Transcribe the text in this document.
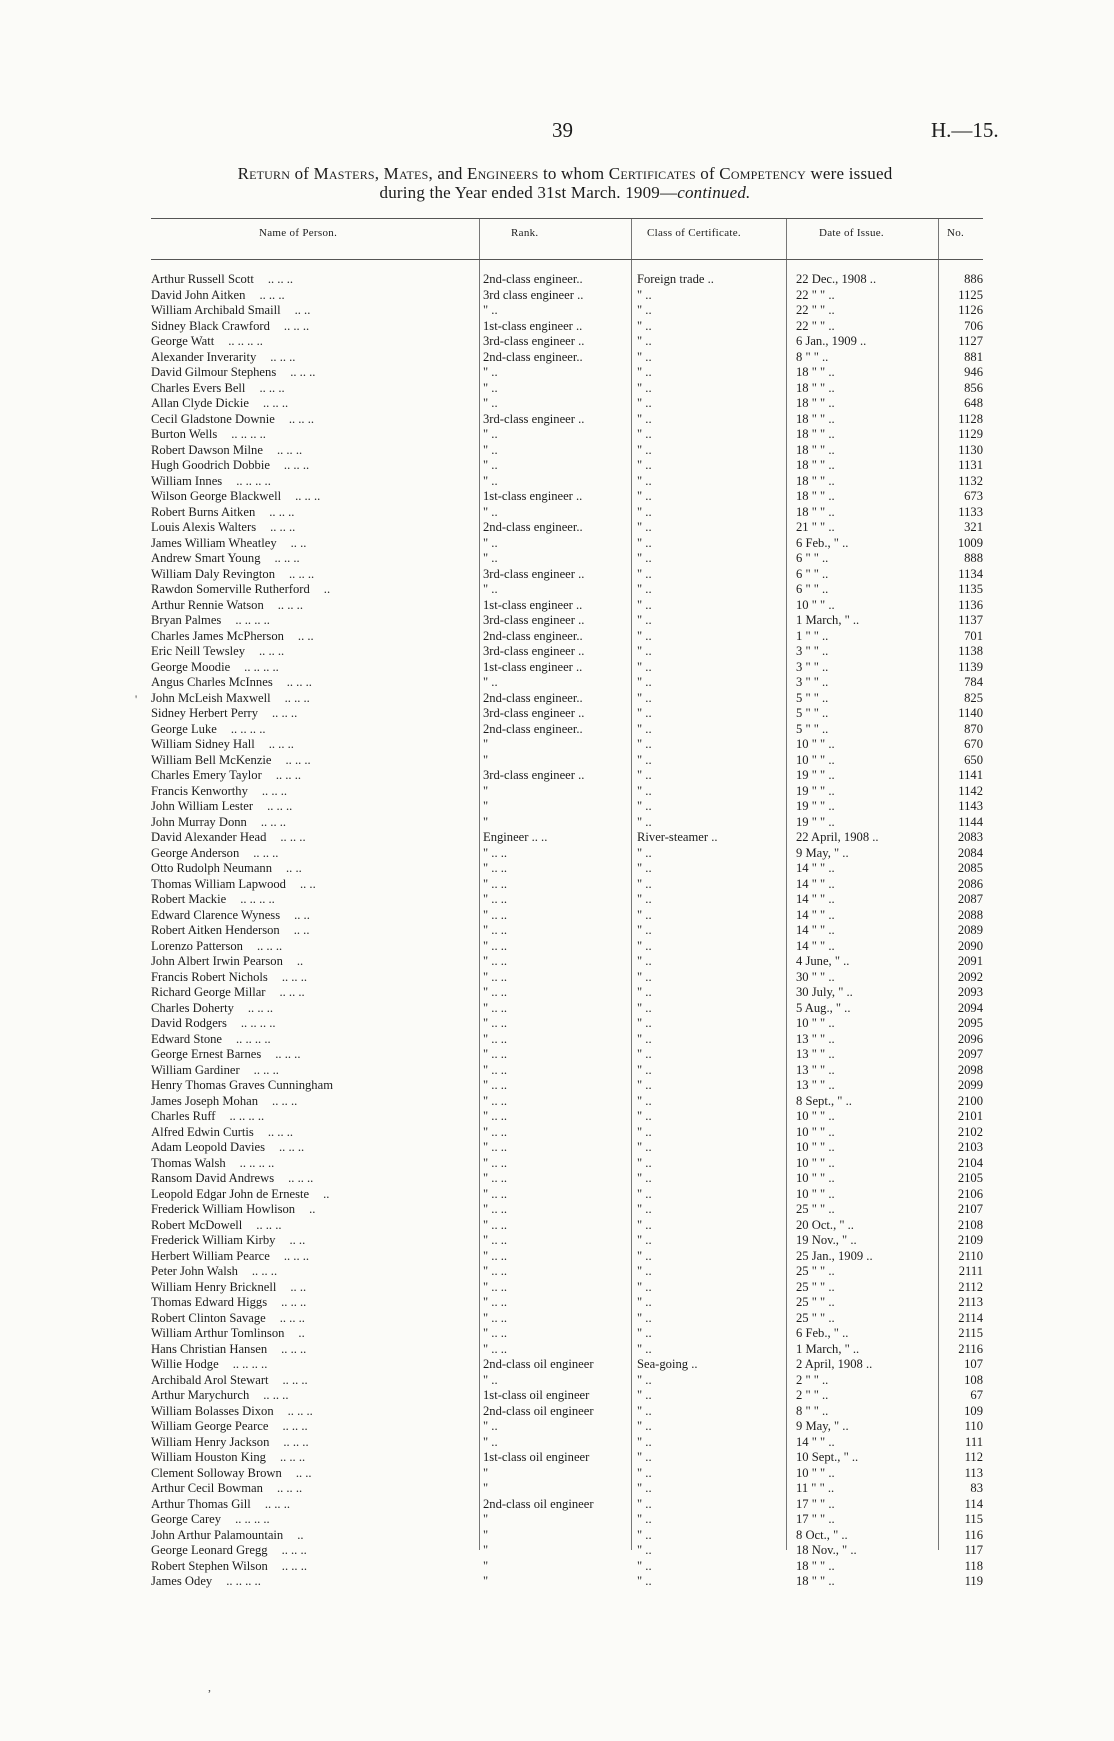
39	H.—15.
Return of Masters, Mates, and Engineers to whom Certificates of Competency were issued
during the Year ended 31st March. 1909—continued.
Name of Person.	Rank.	Class of Certificate.	Date of Issue.	No.
Arthur Russell Scott .. .. ..	2nd-class engineer..	Foreign trade ..	22 Dec., 1908 ..	886
David John Aitken .. .. ..	3rd class engineer ..	" ..	22 " " ..	1125
William Archibald Smaill .. ..	" ..	" ..	22 " " ..	1126
Sidney Black Crawford .. .. ..	1st-class engineer ..	" ..	22 " " ..	706
George Watt .. .. .. ..	3rd-class engineer ..	" ..	6 Jan., 1909 ..	1127
Alexander Inverarity .. .. ..	2nd-class engineer..	" ..	8 " " ..	881
David Gilmour Stephens .. .. ..	" ..	" ..	18 " " ..	946
Charles Evers Bell .. .. ..	" ..	" ..	18 " " ..	856
Allan Clyde Dickie .. .. ..	" ..	" ..	18 " " ..	648
Cecil Gladstone Downie .. .. ..	3rd-class engineer ..	" ..	18 " " ..	1128
Burton Wells .. .. .. ..	" ..	" ..	18 " " ..	1129
Robert Dawson Milne .. .. ..	" ..	" ..	18 " " ..	1130
Hugh Goodrich Dobbie .. .. ..	" ..	" ..	18 " " ..	1131
William Innes .. .. .. ..	" ..	" ..	18 " " ..	1132
Wilson George Blackwell .. .. ..	1st-class engineer ..	" ..	18 " " ..	673
Robert Burns Aitken .. .. ..	" ..	" ..	18 " " ..	1133
Louis Alexis Walters .. .. ..	2nd-class engineer..	" ..	21 " " ..	321
James William Wheatley .. ..	" ..	" ..	6 Feb., " ..	1009
Andrew Smart Young .. .. ..	" ..	" ..	6 " " ..	888
William Daly Revington .. .. ..	3rd-class engineer ..	" ..	6 " " ..	1134
Rawdon Somerville Rutherford ..	" ..	" ..	6 " " ..	1135
Arthur Rennie Watson .. .. ..	1st-class engineer ..	" ..	10 " " ..	1136
Bryan Palmes .. .. .. ..	3rd-class engineer ..	" ..	1 March, " ..	1137
Charles James McPherson .. ..	2nd-class engineer..	" ..	1 " " ..	701
Eric Neill Tewsley .. .. ..	3rd-class engineer ..	" ..	3 " " ..	1138
George Moodie .. .. .. ..	1st-class engineer ..	" ..	3 " " ..	1139
Angus Charles McInnes .. .. ..	" ..	" ..	3 " " ..	784
John McLeish Maxwell .. .. ..	2nd-class engineer..	" ..	5 " " ..	825
Sidney Herbert Perry .. .. ..	3rd-class engineer ..	" ..	5 " " ..	1140
George Luke .. .. .. ..	2nd-class engineer..	" ..	5 " " ..	870
William Sidney Hall .. .. ..	"	" ..	10 " " ..	670
William Bell McKenzie .. .. ..	"	" ..	10 " " ..	650
Charles Emery Taylor .. .. ..	3rd-class engineer ..	" ..	19 " " ..	1141
Francis Kenworthy .. .. ..	"	" ..	19 " " ..	1142
John William Lester .. .. ..	"	" ..	19 " " ..	1143
John Murray Donn .. .. ..	"	" ..	19 " " ..	1144
David Alexander Head .. .. ..	Engineer .. ..	River-steamer ..	22 April, 1908 ..	2083
George Anderson .. .. ..	" .. ..	" ..	9 May, " ..	2084
Otto Rudolph Neumann .. ..	" .. ..	" ..	14 " " ..	2085
Thomas William Lapwood .. ..	" .. ..	" ..	14 " " ..	2086
Robert Mackie .. .. .. ..	" .. ..	" ..	14 " " ..	2087
Edward Clarence Wyness .. ..	" .. ..	" ..	14 " " ..	2088
Robert Aitken Henderson .. ..	" .. ..	" ..	14 " " ..	2089
Lorenzo Patterson .. .. ..	" .. ..	" ..	14 " " ..	2090
John Albert Irwin Pearson ..	" .. ..	" ..	4 June, " ..	2091
Francis Robert Nichols .. .. ..	" .. ..	" ..	30 " " ..	2092
Richard George Millar .. .. ..	" .. ..	" ..	30 July, " ..	2093
Charles Doherty .. .. ..	" .. ..	" ..	5 Aug., " ..	2094
David Rodgers .. .. .. ..	" .. ..	" ..	10 " " ..	2095
Edward Stone .. .. .. ..	" .. ..	" ..	13 " " ..	2096
George Ernest Barnes .. .. ..	" .. ..	" ..	13 " " ..	2097
William Gardiner .. .. ..	" .. ..	" ..	13 " " ..	2098
Henry Thomas Graves Cunningham	" .. ..	" ..	13 " " ..	2099
James Joseph Mohan .. .. ..	" .. ..	" ..	8 Sept., " ..	2100
Charles Ruff .. .. .. ..	" .. ..	" ..	10 " " ..	2101
Alfred Edwin Curtis .. .. ..	" .. ..	" ..	10 " " ..	2102
Adam Leopold Davies .. .. ..	" .. ..	" ..	10 " " ..	2103
Thomas Walsh .. .. .. ..	" .. ..	" ..	10 " " ..	2104
Ransom David Andrews .. .. ..	" .. ..	" ..	10 " " ..	2105
Leopold Edgar John de Erneste ..	" .. ..	" ..	10 " " ..	2106
Frederick William Howlison ..	" .. ..	" ..	25 " " ..	2107
Robert McDowell .. .. ..	" .. ..	" ..	20 Oct., " ..	2108
Frederick William Kirby .. ..	" .. ..	" ..	19 Nov., " ..	2109
Herbert William Pearce .. .. ..	" .. ..	" ..	25 Jan., 1909 ..	2110
Peter John Walsh .. .. ..	" .. ..	" ..	25 " " ..	2111
William Henry Bricknell .. ..	" .. ..	" ..	25 " " ..	2112
Thomas Edward Higgs .. .. ..	" .. ..	" ..	25 " " ..	2113
Robert Clinton Savage .. .. ..	" .. ..	" ..	25 " " ..	2114
William Arthur Tomlinson ..	" .. ..	" ..	6 Feb., " ..	2115
Hans Christian Hansen .. .. ..	" .. ..	" ..	1 March, " ..	2116
Willie Hodge .. .. .. ..	2nd-class oil engineer	Sea-going ..	2 April, 1908 ..	107
Archibald Arol Stewart .. .. ..	" ..	" ..	2 " " ..	108
Arthur Marychurch .. .. ..	1st-class oil engineer	" ..	2 " " ..	67
William Bolasses Dixon .. .. ..	2nd-class oil engineer	" ..	8 " " ..	109
William George Pearce .. .. ..	" ..	" ..	9 May, " ..	110
William Henry Jackson .. .. ..	" ..	" ..	14 " " ..	111
William Houston King .. .. ..	1st-class oil engineer	" ..	10 Sept., " ..	112
Clement Solloway Brown .. ..	"	" ..	10 " " ..	113
Arthur Cecil Bowman .. .. ..	"	" ..	11 " " ..	83
Arthur Thomas Gill .. .. ..	2nd-class oil engineer	" ..	17 " " ..	114
George Carey .. .. .. ..	"	" ..	17 " " ..	115
John Arthur Palamountain ..	"	" ..	8 Oct., " ..	116
George Leonard Gregg .. .. ..	"	" ..	18 Nov., " ..	117
Robert Stephen Wilson .. .. ..	"	" ..	18 " " ..	118
James Odey .. .. .. ..	"	" ..	18 " " ..	119
'
,
